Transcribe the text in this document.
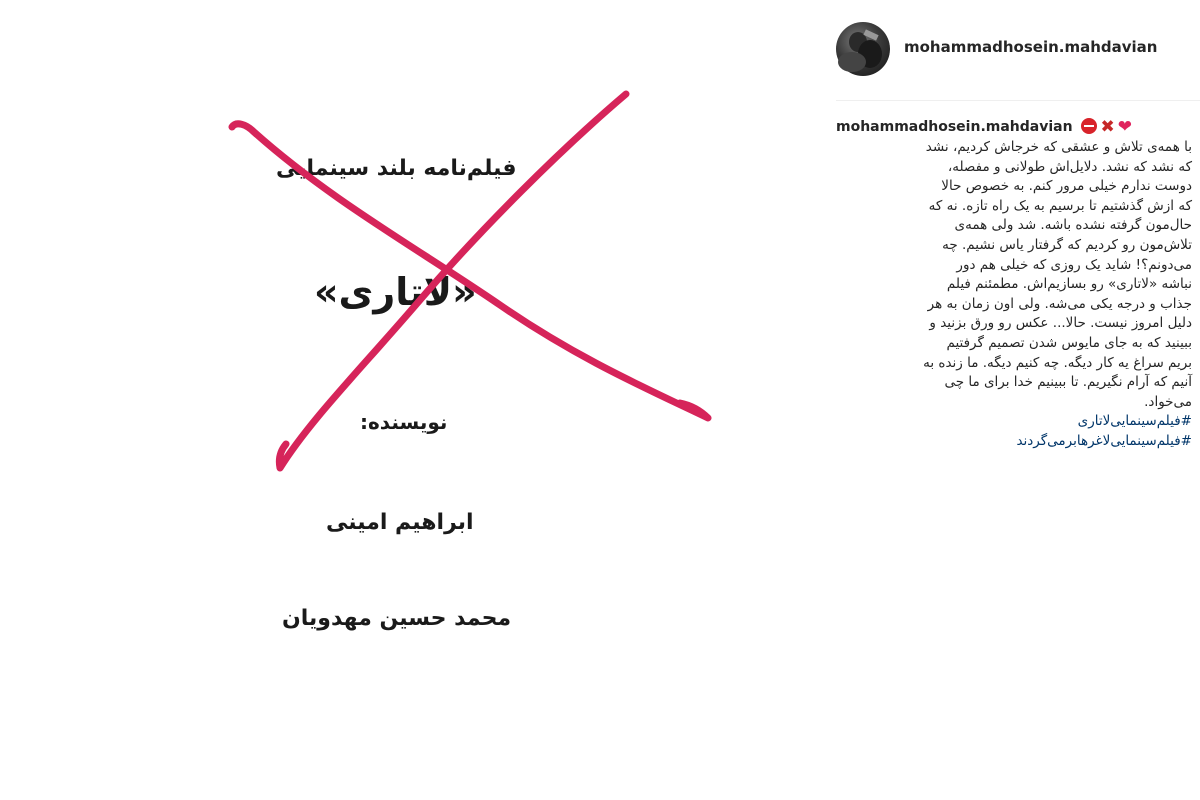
فیلم‌نامه بلند سینمایی
«لاتاری»
نویسنده:
ابراهیم امینی
محمد حسین مهدویان
mohammadhosein.mahdavian
mohammadhosein.mahdavian ✖ ❤
با همه‌ی تلاش و عشقی که خرجاش کردیم، نشد
که نشد که نشد. دلایل‌اش طولانی و مفصله،
دوست ندارم خیلی مرور کنم. به خصوص حالا
که ازش گذشتیم تا برسیم به یک راه تازه. نه که
حال‌مون گرفته نشده باشه. شد ولی همه‌ی
تلاش‌مون رو کردیم که گرفتار یاس نشیم. چه
می‌دونم؟! شاید یک روزی که خیلی هم دور
نباشه «لاتاری» رو بسازیم‌اش. مطمئنم فیلم
جذاب و درجه یکی می‌شه. ولی اون زمان به هر
دلیل امروز نیست. حالا... عکس رو ورق بزنید و
ببینید که به جای مایوس شدن تصمیم گرفتیم
بریم سراغ یه کار دیگه. چه کنیم دیگه. ما زنده به
آنیم که آرام نگیریم. تا ببینیم خدا برای ما چی
می‌خواد.
#فیلم‌سینمایی‌لاتاری
#فیلم‌سینمایی‌لاغرهابرمی‌گردند
